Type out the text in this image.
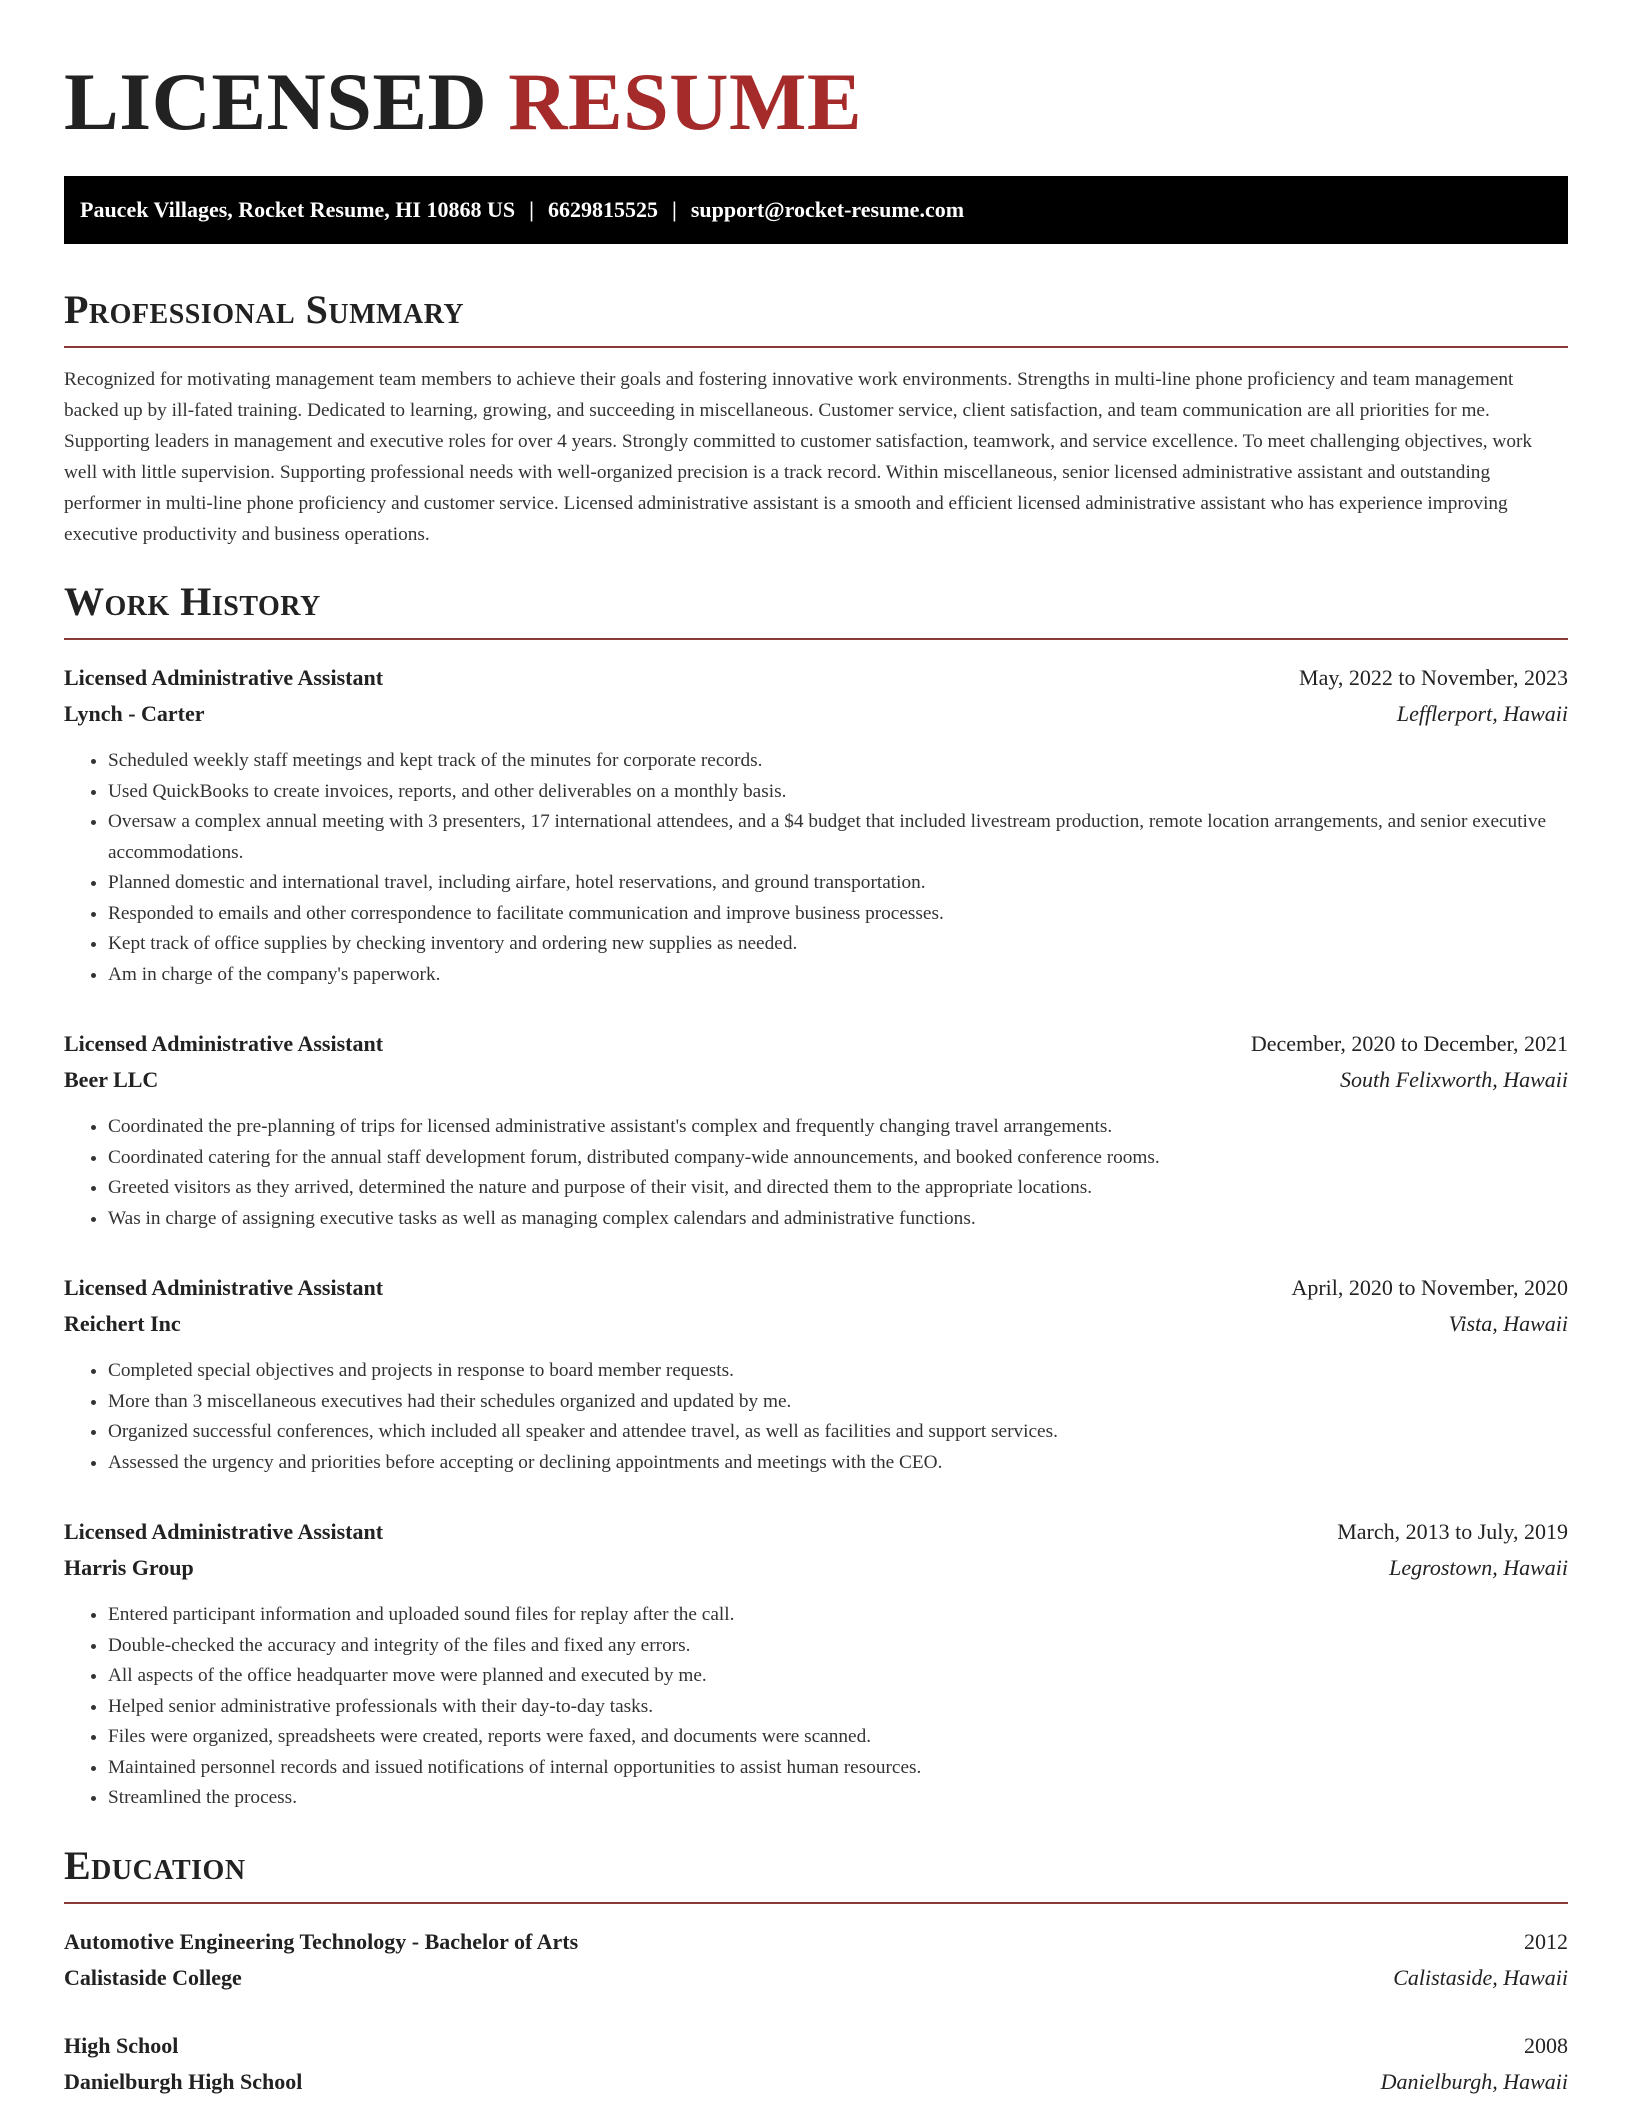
LICENSED RESUME
Paucek Villages, Rocket Resume, HI 10868 US | 6629815525 | support@rocket-resume.com
Professional Summary

Recognized for motivating management team members to achieve their goals and fostering innovative work environments. Strengths in multi-line phone proficiency and team management backed up by ill-fated training. Dedicated to learning, growing, and succeeding in miscellaneous. Customer service, client satisfaction, and team communication are all priorities for me. Supporting leaders in management and executive roles for over 4 years. Strongly committed to customer satisfaction, teamwork, and service excellence. To meet challenging objectives, work well with little supervision. Supporting professional needs with well-organized precision is a track record. Within miscellaneous, senior licensed administrative assistant and outstanding performer in multi-line phone proficiency and customer service. Licensed administrative assistant is a smooth and efficient licensed administrative assistant who has experience improving executive productivity and business operations.

Work History
Licensed Administrative Assistant	May, 2022 to November, 2023
Lynch - Carter	Lefflerport, Hawaii
• Scheduled weekly staff meetings and kept track of the minutes for corporate records.
• Used QuickBooks to create invoices, reports, and other deliverables on a monthly basis.
• Oversaw a complex annual meeting with 3 presenters, 17 international attendees, and a $4 budget that included livestream production, remote location arrangements, and senior executive accommodations.
• Planned domestic and international travel, including airfare, hotel reservations, and ground transportation.
• Responded to emails and other correspondence to facilitate communication and improve business processes.
• Kept track of office supplies by checking inventory and ordering new supplies as needed.
• Am in charge of the company's paperwork.
Licensed Administrative Assistant	December, 2020 to December, 2021
Beer LLC	South Felixworth, Hawaii
• Coordinated the pre-planning of trips for licensed administrative assistant's complex and frequently changing travel arrangements.
• Coordinated catering for the annual staff development forum, distributed company-wide announcements, and booked conference rooms.
• Greeted visitors as they arrived, determined the nature and purpose of their visit, and directed them to the appropriate locations.
• Was in charge of assigning executive tasks as well as managing complex calendars and administrative functions.
Licensed Administrative Assistant	April, 2020 to November, 2020
Reichert Inc	Vista, Hawaii
• Completed special objectives and projects in response to board member requests.
• More than 3 miscellaneous executives had their schedules organized and updated by me.
• Organized successful conferences, which included all speaker and attendee travel, as well as facilities and support services.
• Assessed the urgency and priorities before accepting or declining appointments and meetings with the CEO.
Licensed Administrative Assistant	March, 2013 to July, 2019
Harris Group	Legrostown, Hawaii
• Entered participant information and uploaded sound files for replay after the call.
• Double-checked the accuracy and integrity of the files and fixed any errors.
• All aspects of the office headquarter move were planned and executed by me.
• Helped senior administrative professionals with their day-to-day tasks.
• Files were organized, spreadsheets were created, reports were faxed, and documents were scanned.
• Maintained personnel records and issued notifications of internal opportunities to assist human resources.
• Streamlined the process.
Education
Automotive Engineering Technology - Bachelor of Arts	2012
Calistaside College	Calistaside, Hawaii
High School	2008
Danielburgh High School	Danielburgh, Hawaii
